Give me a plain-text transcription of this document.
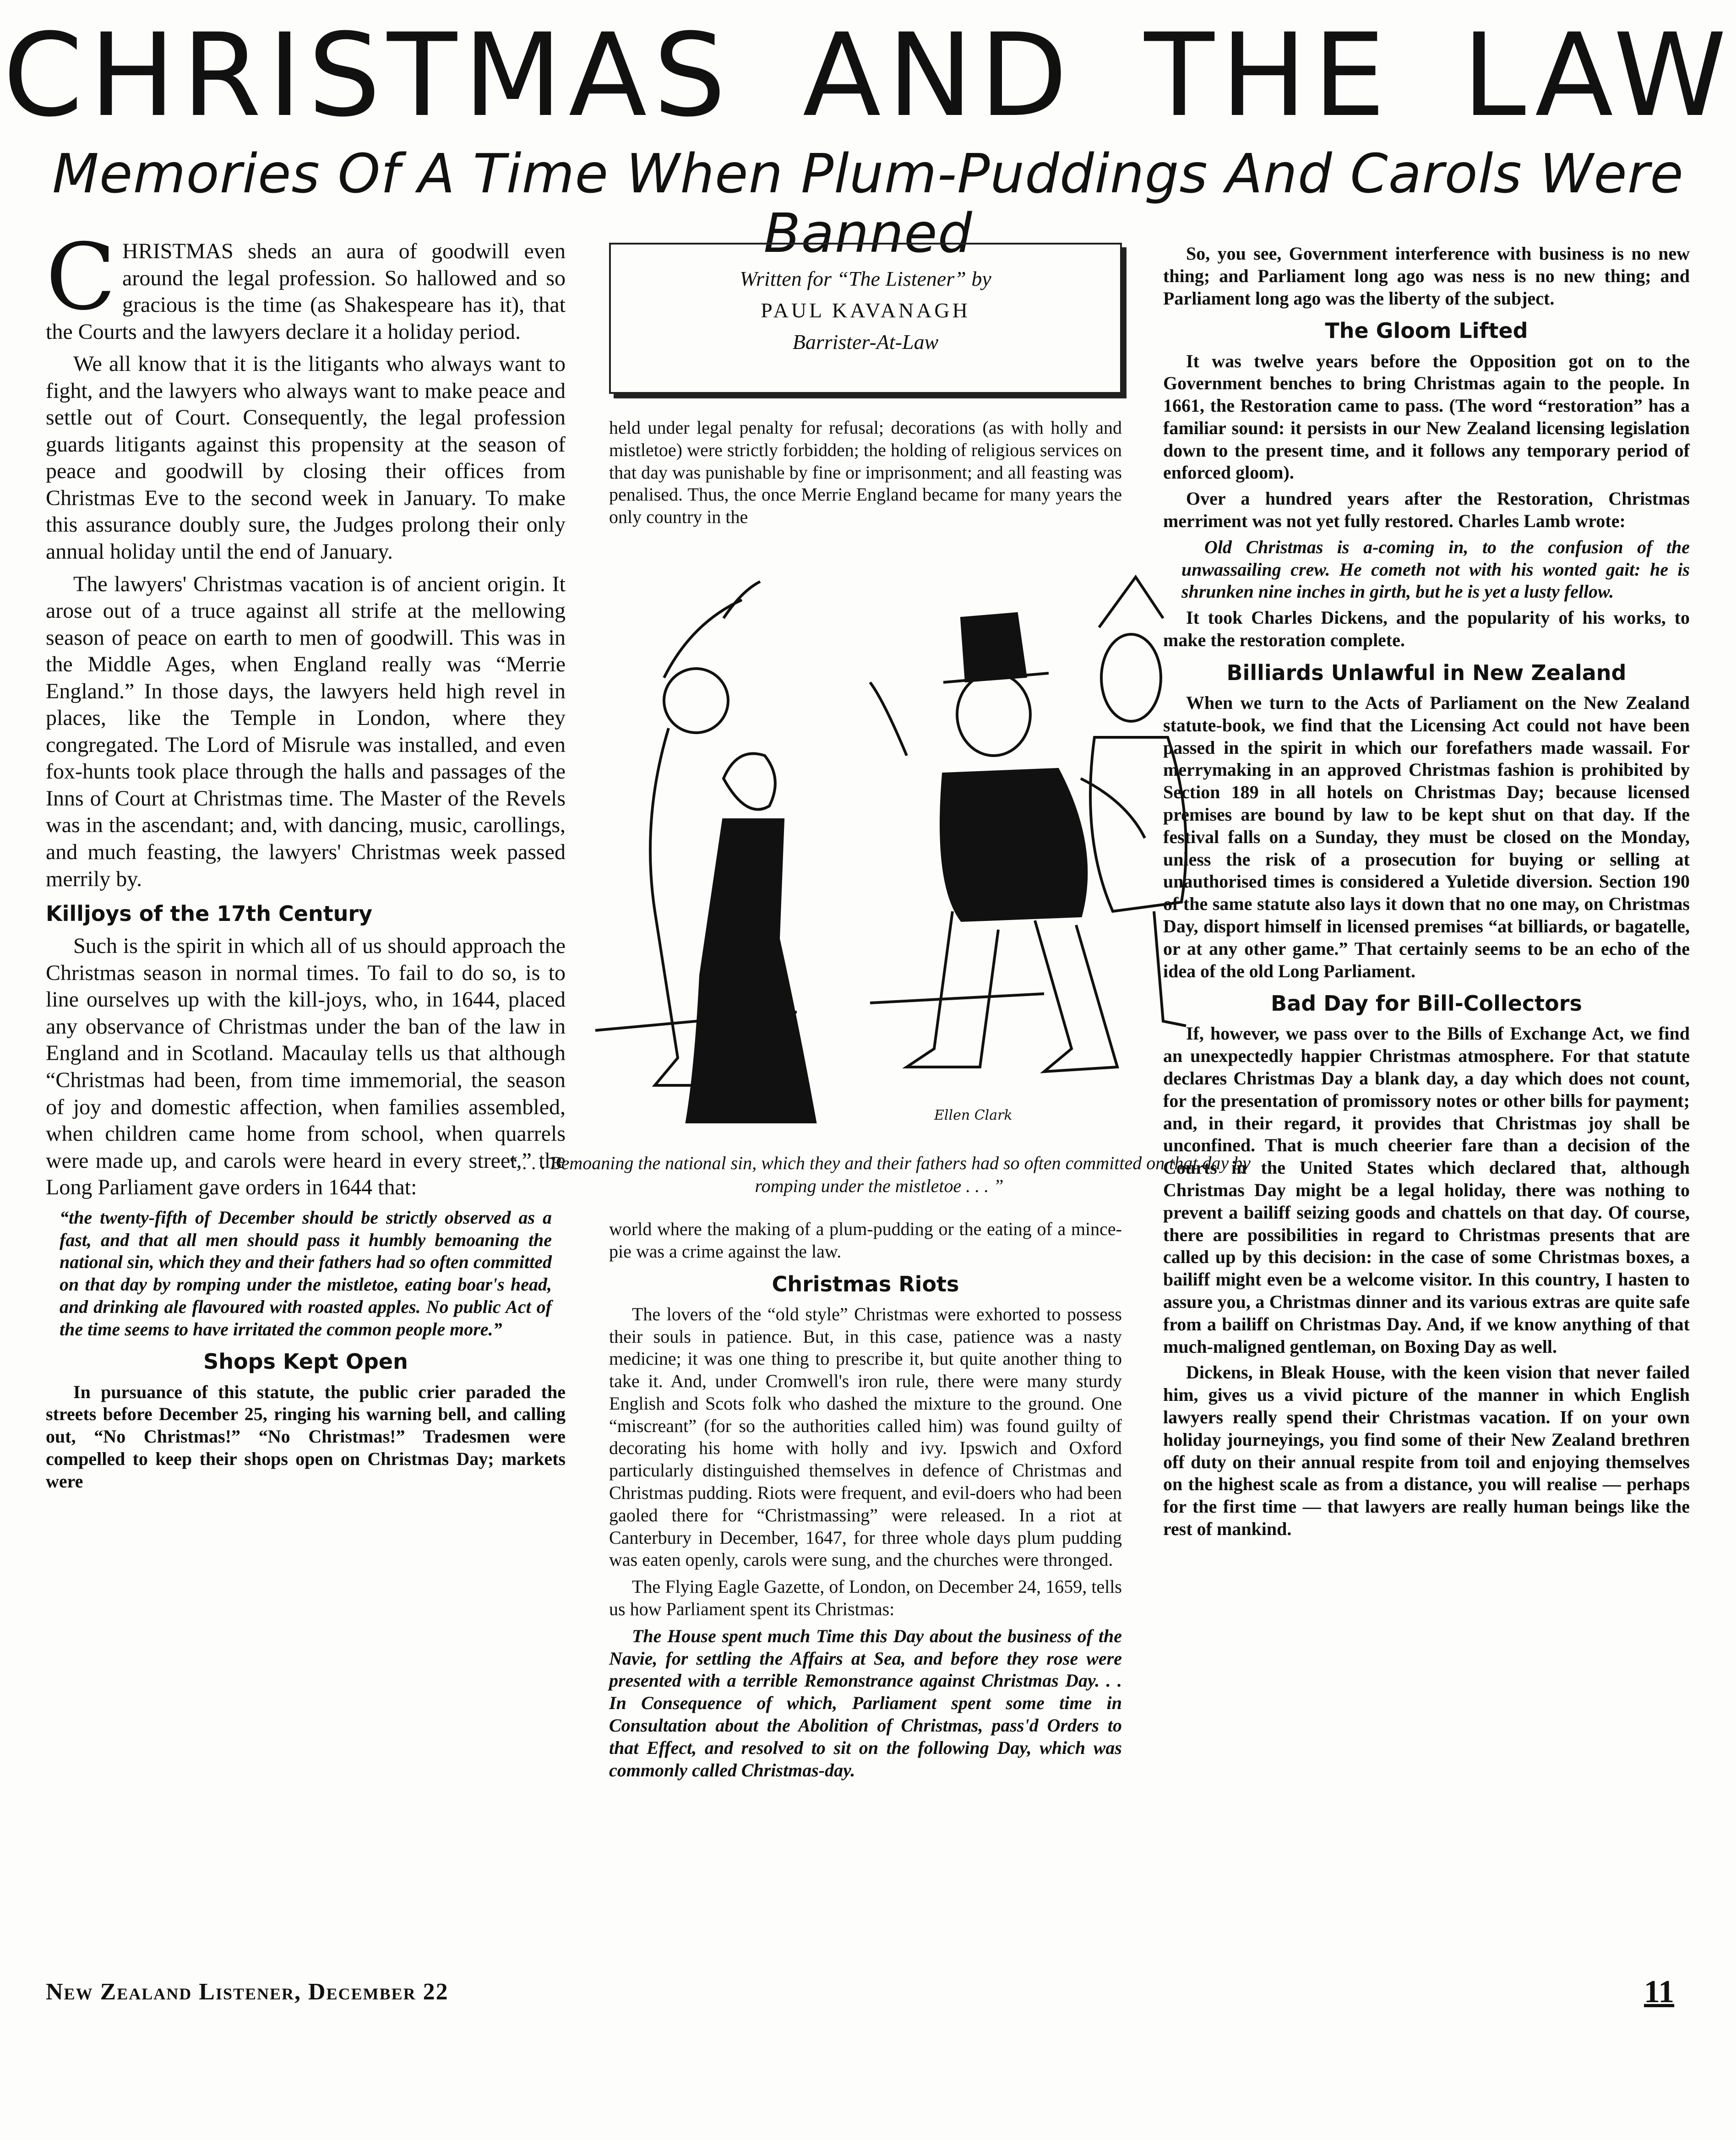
CHRISTMAS AND THE LAW
Memories Of A Time When Plum-Puddings And Carols Were Banned

CHRISTMAS sheds an aura of goodwill even around the legal profession. So hallowed and so gracious is the time (as Shakespeare has it), that the Courts and the lawyers declare it a holiday period.

We all know that it is the litigants who always want to fight, and the lawyers who always want to make peace and settle out of Court. Consequently, the legal profession guards litigants against this propensity at the season of peace and goodwill by closing their offices from Christmas Eve to the second week in January. To make this assurance doubly sure, the Judges prolong their only annual holiday until the end of January.

The lawyers' Christmas vacation is of ancient origin. It arose out of a truce against all strife at the mellowing season of peace on earth to men of goodwill. This was in the Middle Ages, when England really was “Merrie England.” In those days, the lawyers held high revel in places, like the Temple in London, where they congregated. The Lord of Misrule was installed, and even fox-hunts took place through the halls and passages of the Inns of Court at Christmas time. The Master of the Revels was in the ascendant; and, with dancing, music, carollings, and much feasting, the lawyers' Christmas week passed merrily by.

Killjoys of the 17th Century

Such is the spirit in which all of us should approach the Christmas season in normal times. To fail to do so, is to line ourselves up with the kill-joys, who, in 1644, placed any observance of Christmas under the ban of the law in England and in Scotland. Macaulay tells us that although “Christmas had been, from time immemorial, the season of joy and domestic affection, when families assembled, when children came home from school, when quarrels were made up, and carols were heard in every street,” the Long Parliament gave orders in 1644 that:

“the twenty-fifth of December should be strictly observed as a fast, and that all men should pass it humbly bemoaning the national sin, which they and their fathers had so often committed on that day by romping under the mistletoe, eating boar's head, and drinking ale flavoured with roasted apples. No public Act of the time seems to have irritated the common people more.”

Shops Kept Open

In pursuance of this statute, the public crier paraded the streets before December 25, ringing his warning bell, and calling out, “No Christmas!” “No Christmas!” Tradesmen were compelled to keep their shops open on Christmas Day; markets were

Written for “The Listener” by
PAUL KAVANAGH
Barrister-At-Law

held under legal penalty for refusal; decorations (as with holly and mistletoe) were strictly forbidden; the holding of religious services on that day was punishable by fine or imprisonment; and all feasting was penalised. Thus, the once Merrie England became for many years the only country in the

Ellen Clark
“ . . . Bemoaning the national sin, which they and their fathers had so often committed on that day by romping under the mistletoe . . . ”

world where the making of a plum-pudding or the eating of a mince-pie was a crime against the law.

Christmas Riots

The lovers of the “old style” Christmas were exhorted to possess their souls in patience. But, in this case, patience was a nasty medicine; it was one thing to prescribe it, but quite another thing to take it. And, under Cromwell's iron rule, there were many sturdy English and Scots folk who dashed the mixture to the ground. One “miscreant” (for so the authorities called him) was found guilty of decorating his home with holly and ivy. Ipswich and Oxford particularly distinguished themselves in defence of Christmas and Christmas pudding. Riots were frequent, and evil-doers who had been gaoled there for “Christmassing” were released. In a riot at Canterbury in December, 1647, for three whole days plum pudding was eaten openly, carols were sung, and the churches were thronged.

The Flying Eagle Gazette, of London, on December 24, 1659, tells us how Parliament spent its Christmas:

The House spent much Time this Day about the business of the Navie, for settling the Affairs at Sea, and before they rose were presented with a terrible Remonstrance against Christmas Day. . . In Consequence of which, Parliament spent some time in Consultation about the Abolition of Christmas, pass'd Orders to that Effect, and resolved to sit on the following Day, which was commonly called Christmas-day.

So, you see, Government interference with business is no new thing; and Parliament long ago was ness is no new thing; and Parliament long ago was the liberty of the subject.

The Gloom Lifted

It was twelve years before the Opposition got on to the Government benches to bring Christmas again to the people. In 1661, the Restoration came to pass. (The word “restoration” has a familiar sound: it persists in our New Zealand licensing legislation down to the present time, and it follows any temporary period of enforced gloom).

Over a hundred years after the Restoration, Christmas merriment was not yet fully restored. Charles Lamb wrote:

Old Christmas is a-coming in, to the confusion of the unwassailing crew. He cometh not with his wonted gait: he is shrunken nine inches in girth, but he is yet a lusty fellow.

It took Charles Dickens, and the popularity of his works, to make the restoration complete.

Billiards Unlawful in New Zealand

When we turn to the Acts of Parliament on the New Zealand statute-book, we find that the Licensing Act could not have been passed in the spirit in which our forefathers made wassail. For merrymaking in an approved Christmas fashion is prohibited by Section 189 in all hotels on Christmas Day; because licensed premises are bound by law to be kept shut on that day. If the festival falls on a Sunday, they must be closed on the Monday, unless the risk of a prosecution for buying or selling at unauthorised times is considered a Yuletide diversion. Section 190 of the same statute also lays it down that no one may, on Christmas Day, disport himself in licensed premises “at billiards, or bagatelle, or at any other game.” That certainly seems to be an echo of the idea of the old Long Parliament.

Bad Day for Bill-Collectors

If, however, we pass over to the Bills of Exchange Act, we find an unexpectedly happier Christmas atmosphere. For that statute declares Christmas Day a blank day, a day which does not count, for the presentation of promissory notes or other bills for payment; and, in their regard, it provides that Christmas joy shall be unconfined. That is much cheerier fare than a decision of the Courts in the United States which declared that, although Christmas Day might be a legal holiday, there was nothing to prevent a bailiff seizing goods and chattels on that day. Of course, there are possibilities in regard to Christmas presents that are called up by this decision: in the case of some Christmas boxes, a bailiff might even be a welcome visitor. In this country, I hasten to assure you, a Christmas dinner and its various extras are quite safe from a bailiff on Christmas Day. And, if we know anything of that much-maligned gentleman, on Boxing Day as well.

Dickens, in Bleak House, with the keen vision that never failed him, gives us a vivid picture of the manner in which English lawyers really spend their Christmas vacation. If on your own holiday journeyings, you find some of their New Zealand brethren off duty on their annual respite from toil and enjoying themselves on the highest scale as from a distance, you will realise — perhaps for the first time — that lawyers are really human beings like the rest of mankind.

New Zealand Listener, December 22	11
